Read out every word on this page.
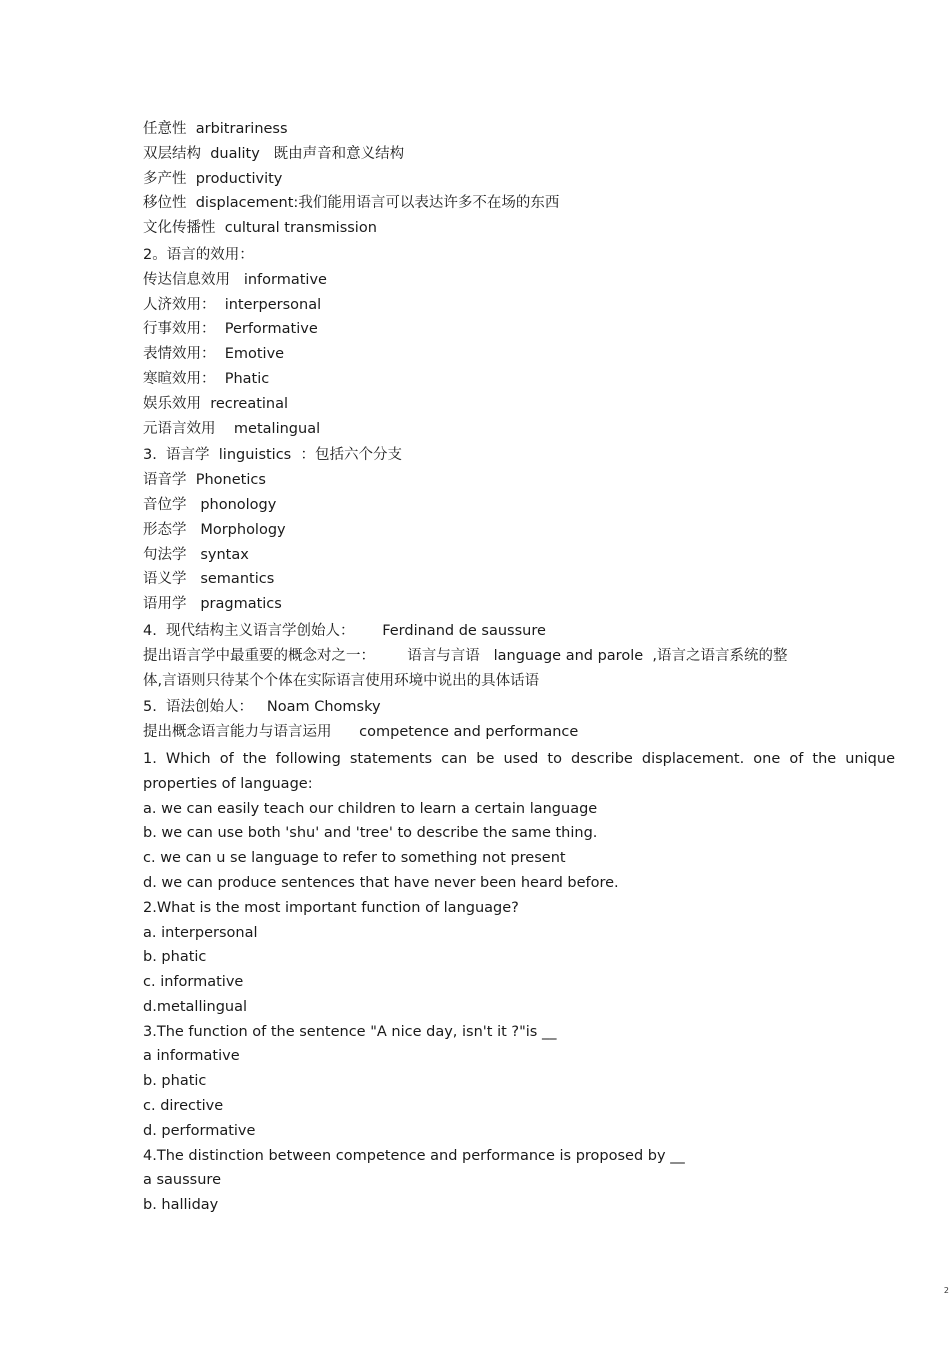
任意性  arbitrariness

双层结构  duality   既由声音和意义结构

多产性  productivity

移位性  displacement:我们能用语言可以表达许多不在场的东西

文化传播性  cultural transmission

2。语言的效用：

传达信息效用   informative

人济效用：  interpersonal

行事效用：  Performative

表情效用：  Emotive

寒暄效用：  Phatic

娱乐效用  recreatinal

元语言效用    metalingual

3.  语言学  linguistics  ：包括六个分支

语音学  Phonetics

音位学   phonology

形态学   Morphology

句法学   syntax

语义学   semantics

语用学   pragmatics

4.  现代结构主义语言学创始人：      Ferdinand de saussure

提出语言学中最重要的概念对之一：       语言与言语   language and parole  ,语言之语言系统的整

体,言语则只待某个个体在实际语言使用环境中说出的具体话语

5.  语法创始人：   Noam Chomsky

提出概念语言能力与语言运用      competence and performance

1. Which of the following statements can be used to describe displacement. one of the unique properties of language:

a. we can easily teach our children to learn a certain language

b. we can use both 'shu' and 'tree' to describe the same thing.

c. we can u se language to refer to something not present

d. we can produce sentences that have never been heard before.

2.What is the most important function of language?

a. interpersonal

b. phatic

c. informative

d.metallingual

3.The function of the sentence "A nice day, isn't it ?"is __

a informative

b. phatic

c. directive

d. performative

4.The distinction between competence and performance is proposed by __

a saussure

b. halliday

2
